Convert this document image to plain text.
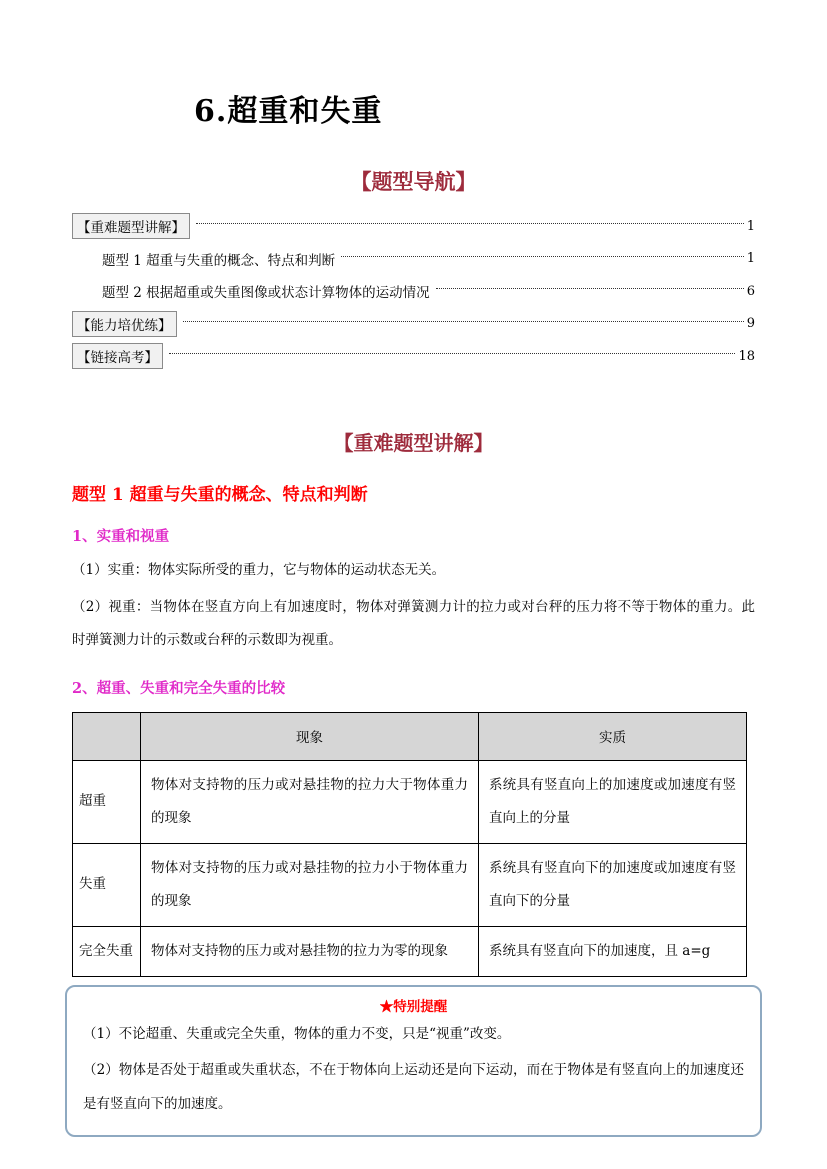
6.超重和失重
【题型导航】
【重难题型讲解】	1
题型 1 超重与失重的概念、特点和判断	1
题型 2 根据超重或失重图像或状态计算物体的运动情况	6
【能力培优练】	9
【链接高考】	18
【重难题型讲解】
题型 1 超重与失重的概念、特点和判断
1、实重和视重

（1）实重：物体实际所受的重力，它与物体的运动状态无关。

（2）视重：当物体在竖直方向上有加速度时，物体对弹簧测力计的拉力或对台秤的压力将不等于物体的重力。此时弹簧测力计的示数或台秤的示数即为视重。

2、超重、失重和完全失重的比较
	现象	实质
超重	物体对支持物的压力或对悬挂物的拉力大于物体重力的现象	系统具有竖直向上的加速度或加速度有竖直向上的分量
失重	物体对支持物的压力或对悬挂物的拉力小于物体重力的现象	系统具有竖直向下的加速度或加速度有竖直向下的分量
完全失重	物体对支持物的压力或对悬挂物的拉力为零的现象	系统具有竖直向下的加速度，且 a=g
★特别提醒

（1）不论超重、失重或完全失重，物体的重力不变，只是“视重”改变。

（2）物体是否处于超重或失重状态，不在于物体向上运动还是向下运动，而在于物体是有竖直向上的加速度还是有竖直向下的加速度。
